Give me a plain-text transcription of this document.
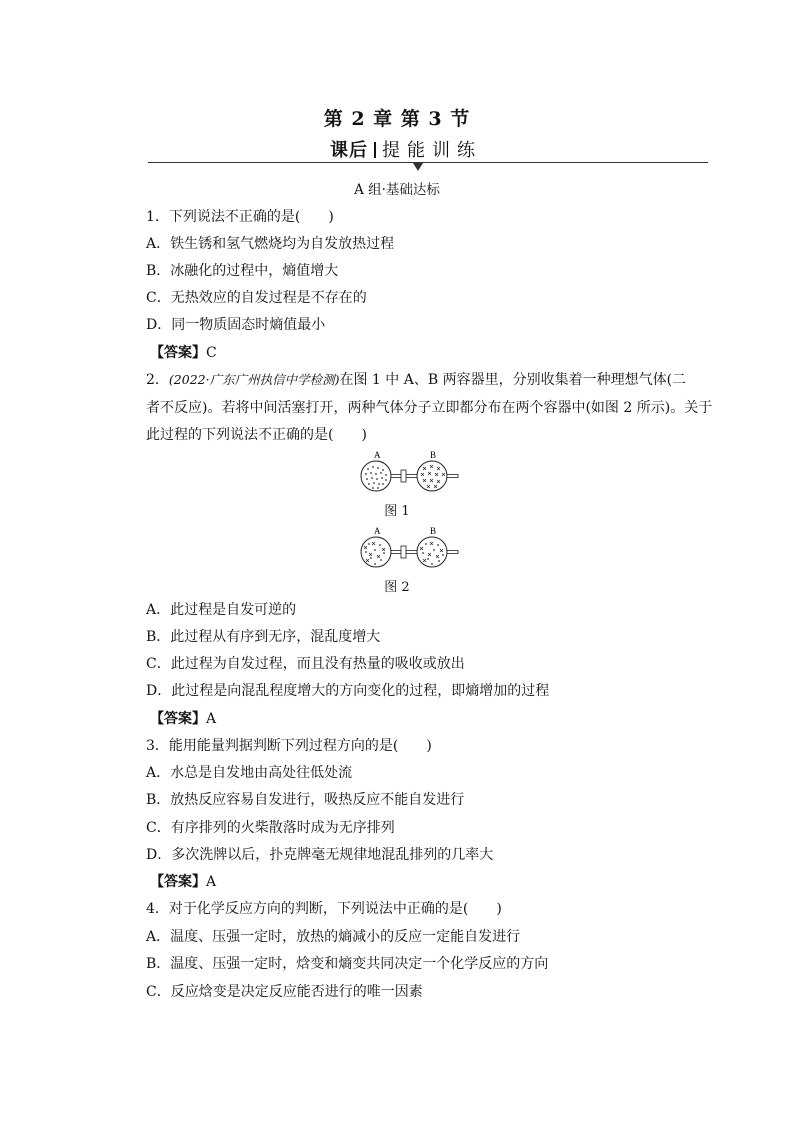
第 2 章 第 3 节
课后 提能训练
A 组·基础达标
1．下列说法不正确的是(　　)
A．铁生锈和氢气燃烧均为自发放热过程
B．冰融化的过程中，熵值增大
C．无热效应的自发过程是不存在的
D．同一物质固态时熵值最小
【答案】C
2．(2022·广东广州执信中学检测)在图 1 中 A、B 两容器里，分别收集着一种理想气体(二
者不反应)。若将中间活塞打开，两种气体分子立即都分布在两个容器中(如图 2 所示)。关于
此过程的下列说法不正确的是(　　)
A	B
图 1
A	B
图 2
A．此过程是自发可逆的
B．此过程从有序到无序，混乱度增大
C．此过程为自发过程，而且没有热量的吸收或放出
D．此过程是向混乱程度增大的方向变化的过程，即熵增加的过程
【答案】A
3．能用能量判据判断下列过程方向的是(　　)
A．水总是自发地由高处往低处流
B．放热反应容易自发进行，吸热反应不能自发进行
C．有序排列的火柴散落时成为无序排列
D．多次洗牌以后，扑克牌毫无规律地混乱排列的几率大
【答案】A
4．对于化学反应方向的判断，下列说法中正确的是(　　)
A．温度、压强一定时，放热的熵减小的反应一定能自发进行
B．温度、压强一定时，焓变和熵变共同决定一个化学反应的方向
C．反应焓变是决定反应能否进行的唯一因素
